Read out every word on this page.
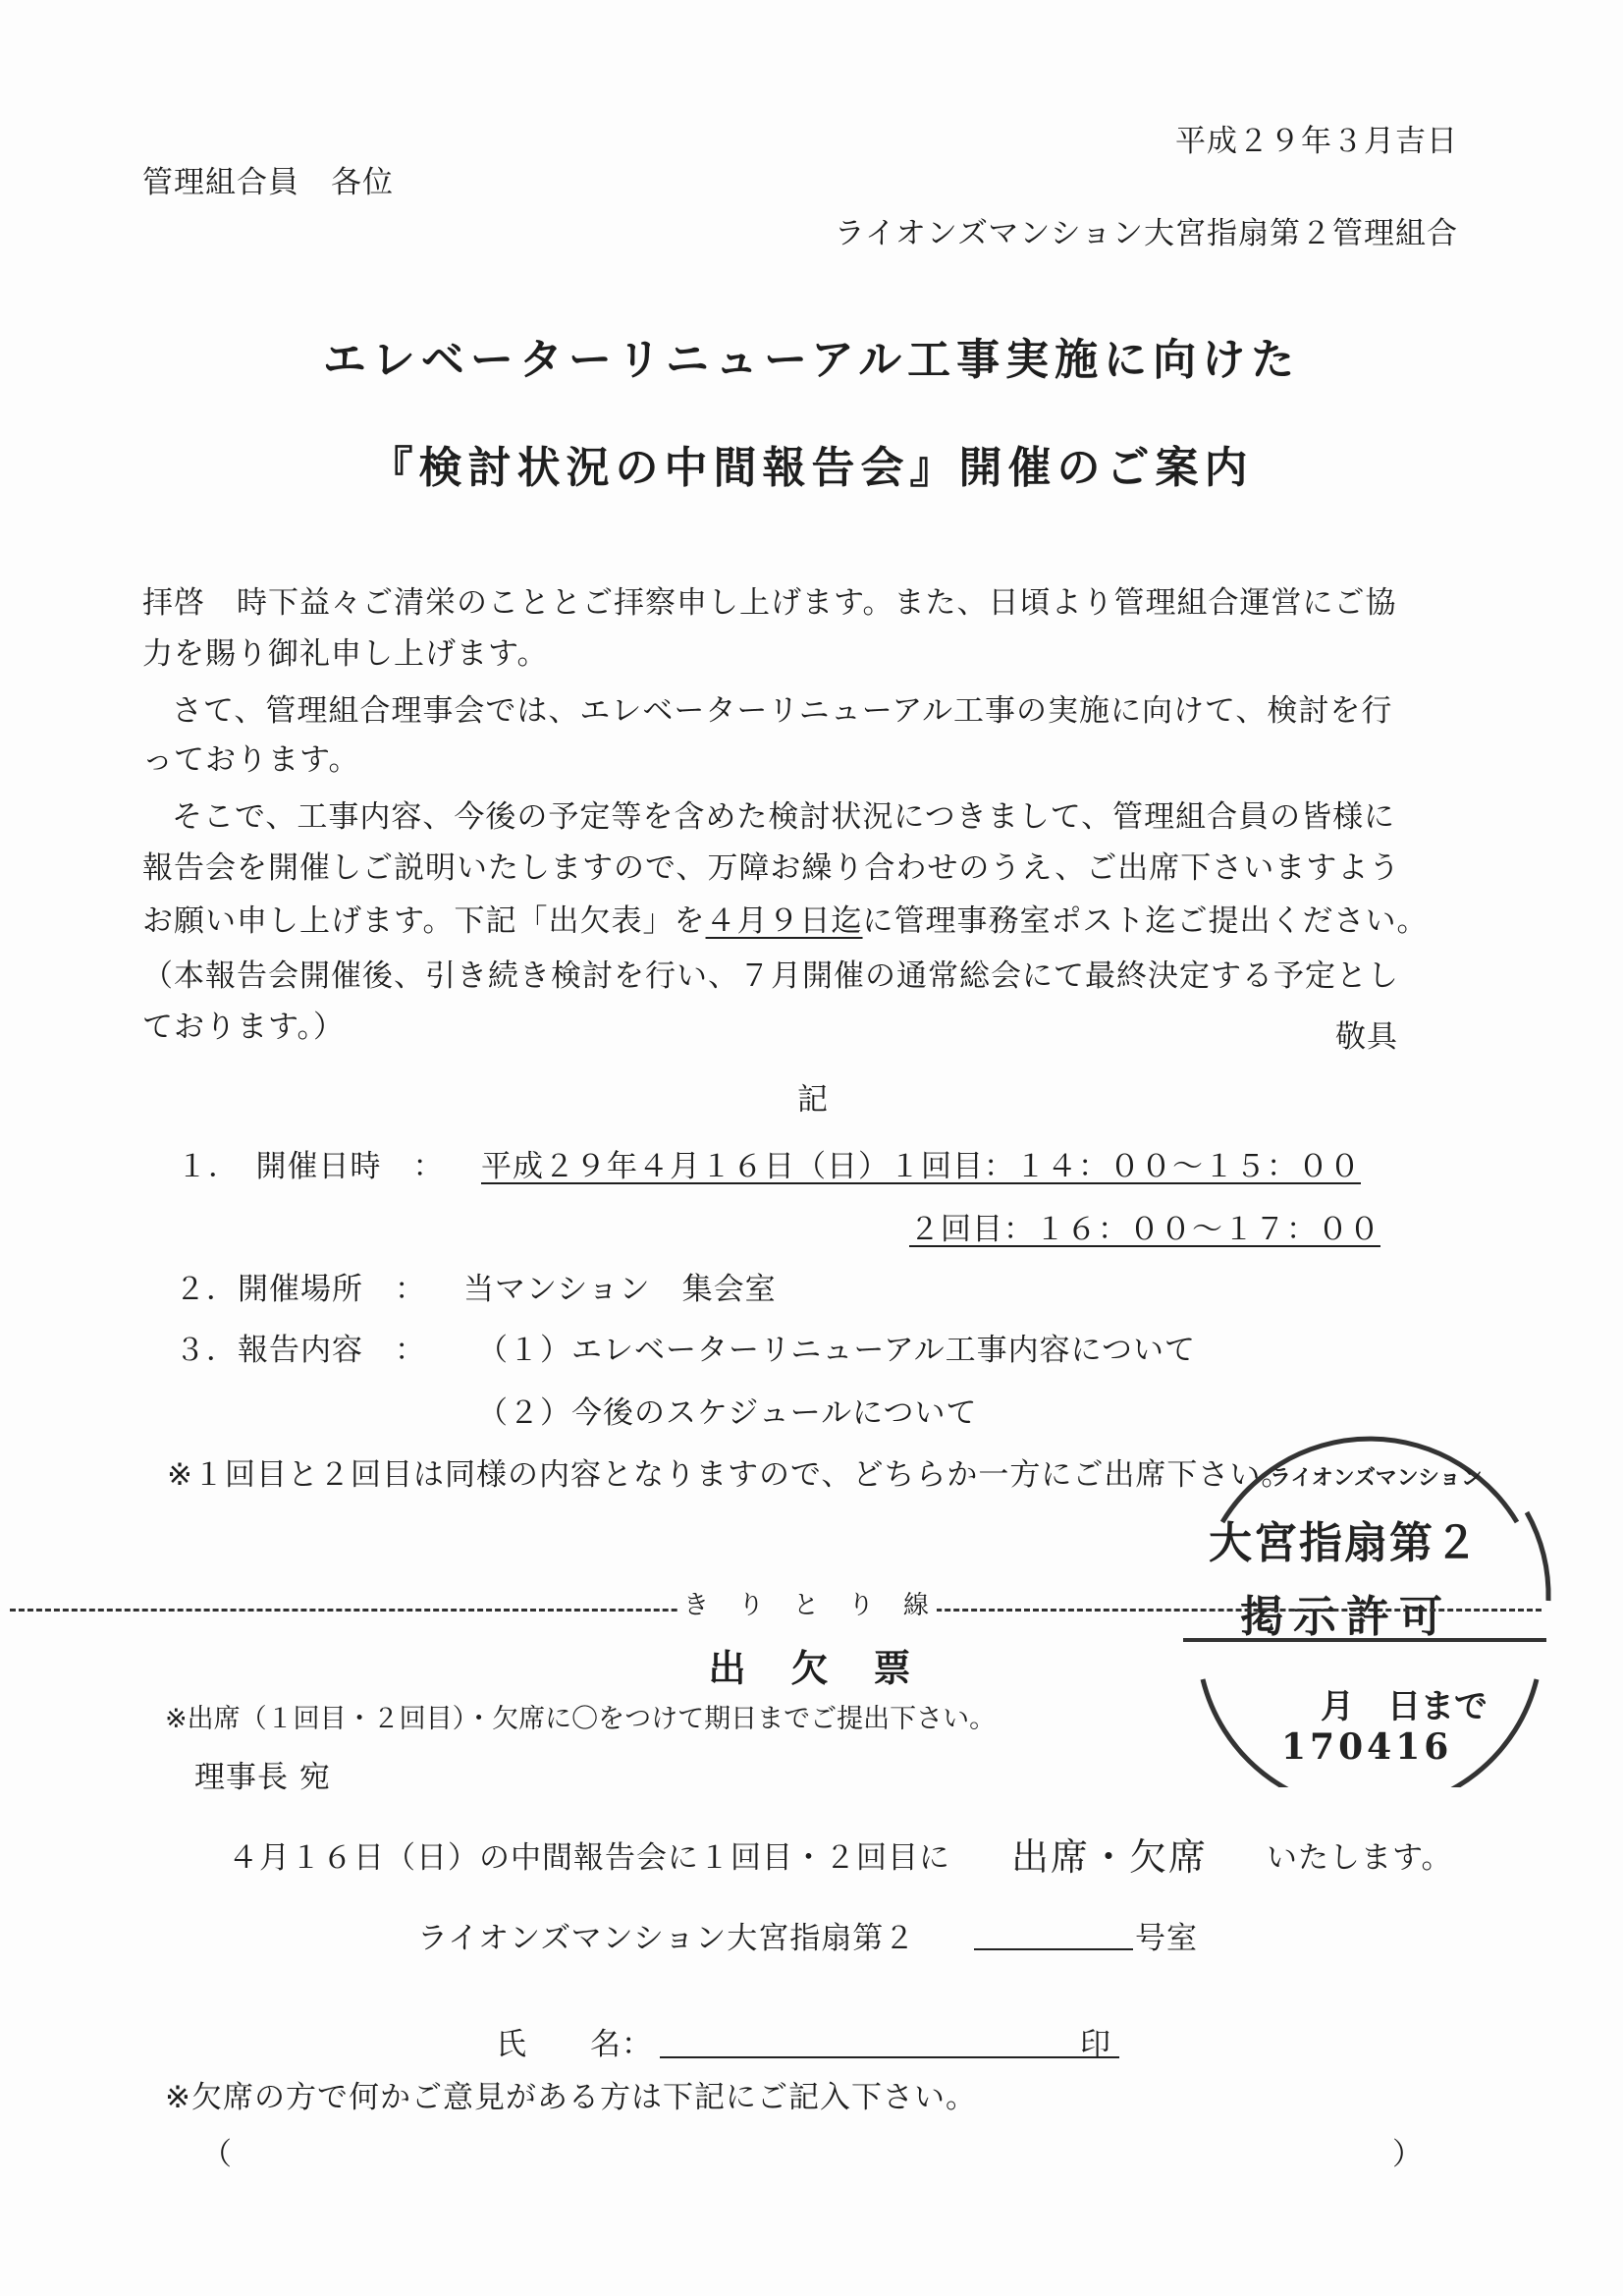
平成２９年３月吉日
管理組合員　各位
ライオンズマンション大宮指扇第２管理組合
エレベーターリニューアル工事実施に向けた
『検討状況の中間報告会』開催のご案内
拝啓　時下益々ご清栄のこととご拝察申し上げます。また、日頃より管理組合運営にご協
力を賜り御礼申し上げます。
さて、管理組合理事会では、エレベーターリニューアル工事の実施に向けて、検討を行
っております。
そこで、工事内容、今後の予定等を含めた検討状況につきまして、管理組合員の皆様に
報告会を開催しご説明いたしますので、万障お繰り合わせのうえ、ご出席下さいますよう
お願い申し上げます。下記「出欠表」を４月９日迄に管理事務室ポスト迄ご提出ください。
（本報告会開催後、引き続き検討を行い、７月開催の通常総会にて最終決定する予定とし
ております。）	敬具
記
１．　開催日時　： 平成２９年４月１６日（日）１回目：１４：００～１５：００
２回目：１６：００～１７：００
２．開催場所　： 当マンション　集会室
３．報告内容　： （１）エレベーターリニューアル工事内容について
（２）今後のスケジュールについて
※１回目と２回目は同様の内容となりますので、どちらか一方にご出席下さい。
ライオンズマンション
大宮指扇第２
掲示許可
月　日まで
170416
き　り　と　り　線
出　欠　票
※出席（１回目・２回目）・欠席に〇をつけて期日までご提出下さい。
理事長 宛
４月１６日（日）の中間報告会に１回目・２回目に 出席・欠席 いたします。
ライオンズマンション大宮指扇第２	号室
氏　　名：	印
※欠席の方で何かご意見がある方は下記にご記入下さい。
（	）
